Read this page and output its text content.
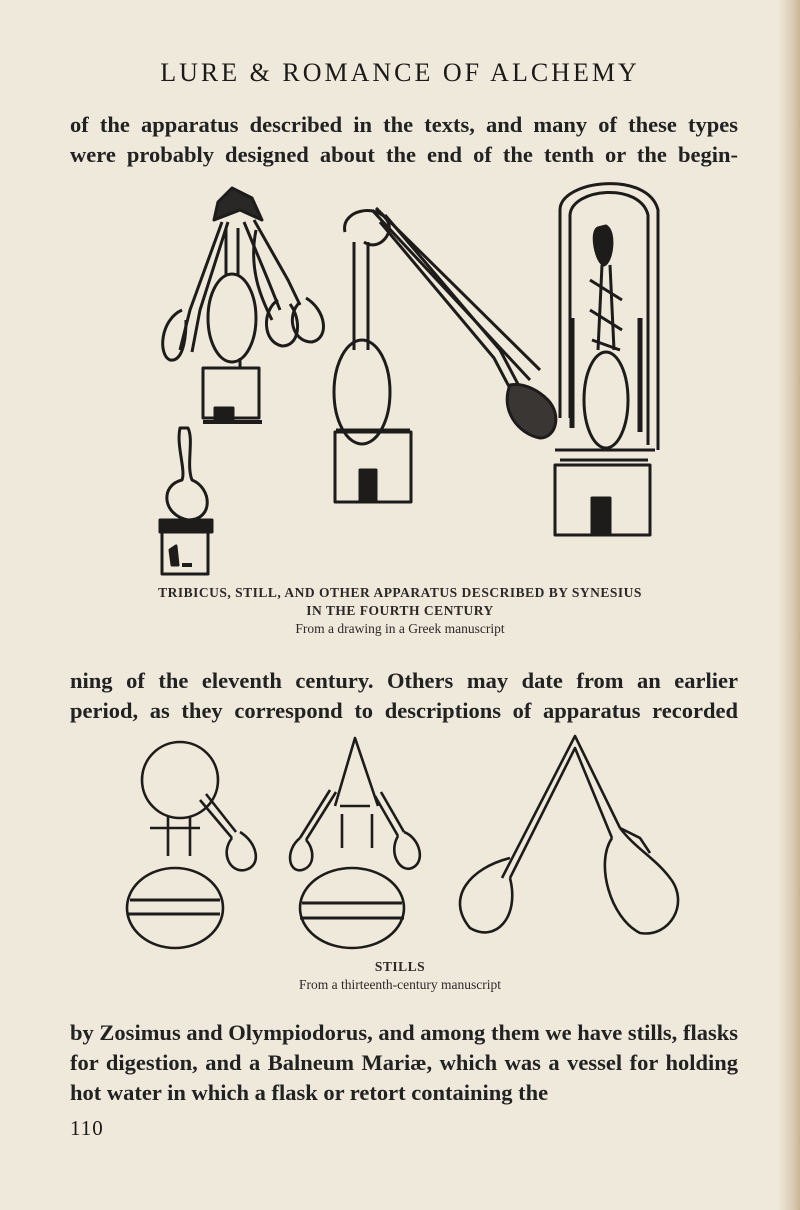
LURE & ROMANCE OF ALCHEMY
of the apparatus described in the texts, and many of these types
were probably designed about the end of the tenth or the begin-
TRIBICUS, STILL, AND OTHER APPARATUS DESCRIBED BY SYNESIUS
IN THE FOURTH CENTURY
From a drawing in a Greek manuscript
ning of the eleventh century. Others may date from an earlier
period, as they correspond to descriptions of apparatus recorded
STILLS
From a thirteenth-century manuscript
by Zosimus and Olympiodorus, and among them we have stills, flasks for digestion, and a Balneum Mariæ, which was a vessel for holding hot water in which a flask or retort containing the
110
